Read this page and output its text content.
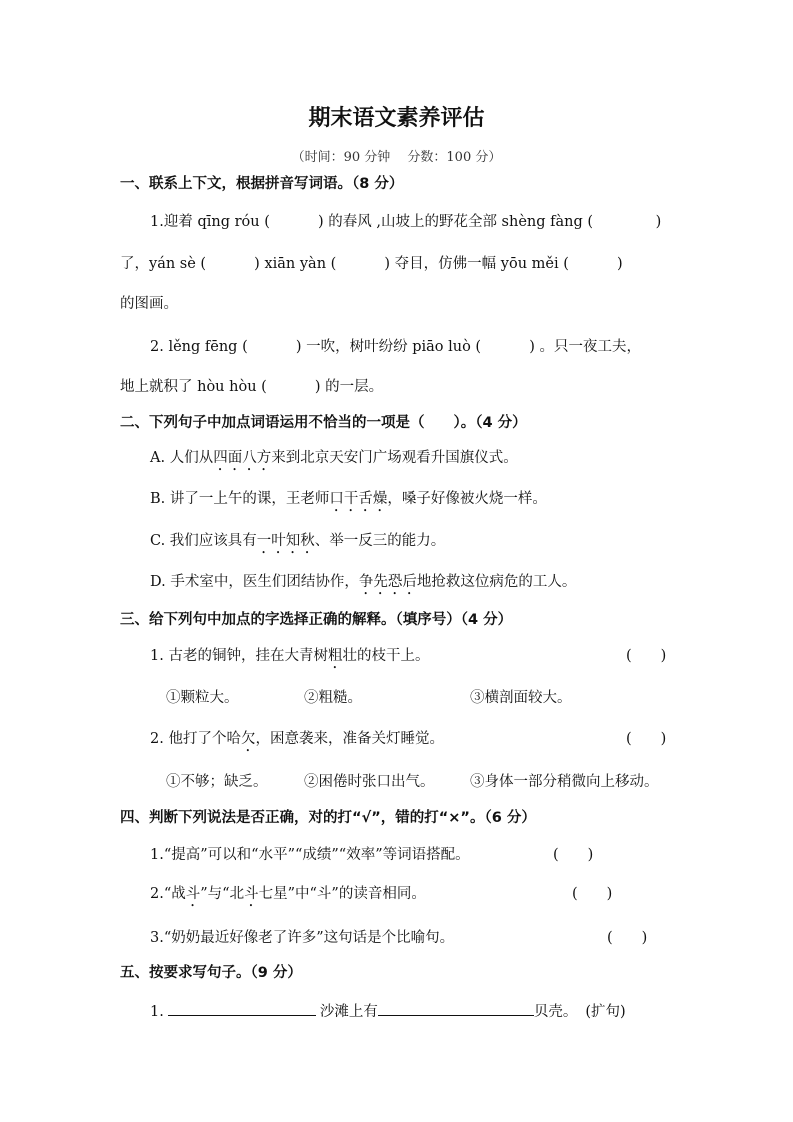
期末语文素养评估
（时间：90 分钟　 分数：100 分）
一、联系上下文，根据拼音写词语。（8 分）
1.迎着 qīng róu (　　　 ) 的春风 ,山坡上的野花全部 shèng fàng (　　　　 )
了，yán sè (　　　 ) xiān yàn (　　　 ) 夺目，仿佛一幅 yōu měi (　　　 )
的图画。
2. lěng fēng (　　　 ) 一吹，树叶纷纷 piāo luò (　　　 ) 。只一夜工夫，
地上就积了 hòu hòu (　　　 ) 的一层。
二、下列句子中加点词语运用不恰当的一项是（　　）。（4 分）
A. 人们从四面八方来到北京天安门广场观看升国旗仪式。
B. 讲了一上午的课，王老师口干舌燥，嗓子好像被火烧一样。
C. 我们应该具有一叶知秋、举一反三的能力。
D. 手术室中，医生们团结协作，争先恐后地抢救这位病危的工人。
三、给下列句中加点的字选择正确的解释。（填序号）（4 分）
1. 古老的铜钟，挂在大青树粗壮的枝干上。	(　　)
①颗粒大。	②粗糙。	③横剖面较大。
2. 他打了个哈欠，困意袭来，准备关灯睡觉。	(　　)
①不够；缺乏。	②困倦时张口出气。 ③身体一部分稍微向上移动。
四、判断下列说法是否正确，对的打“√”，错的打“×”。（6 分）
1.“提高”可以和“水平”“成绩”“效率”等词语搭配。	(　　)
2.“战斗”与“北斗七星”中“斗”的读音相同。	(　　)
3.“奶奶最近好像老了许多”这句话是个比喻句。	(　　)
五、按要求写句子。（9 分）
1.	沙滩上有	贝壳。 (扩句)
